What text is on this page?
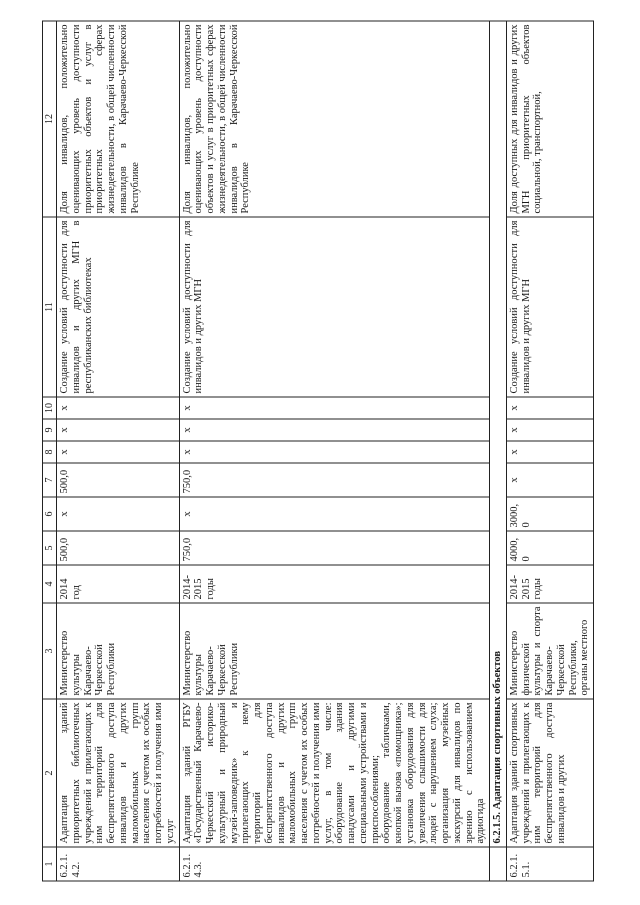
1	2	3	4	5	6	7	8	9	10	11	12
6.2.1.4.2.	Адаптация зданий приоритетных библиотечных учреждений и прилегающих к ним территорий для беспрепятственного доступа инвалидов и других маломобильных групп населения с учетом их особых потребностей и получения ими услуг	Министерство культуры Карачаево-Черкесской Республики	2014 год	500,0	x	500,0	x	x	x	Создание условий доступности для инвалидов и других МГН в республиканских библиотеках	Доля инвалидов, положительно оценивающих уровень доступности приоритетных объектов и услуг в приоритетных сферах жизнедеятельности, в общей численности инвалидов в Карачаево-Черкесской Республике
6.2.1.4.3.	Адаптация зданий РГБУ «Государственный Карачаево-Черкесский историко-культурный и природный музей-заповедник» и прилегающих к нему территорий для беспрепятственного доступа инвалидов и других маломобильных групп населения с учетом их особых потребностей и получения ими услуг, в том числе: оборудование здания пандусами и другими специальными устройствами и приспособлениями; оборудование табличками, кнопкой вызова «помощника»; установка оборудования для увеличения слышимости для людей с нарушением слуха; организация музейных экскурсий для инвалидов по зрению с использованием аудиогида	Министерство культуры Карачаево-Черкесской Республики	2014-2015 годы	750,0	x	750,0	x	x	x	Создание условий доступности для инвалидов и других МГН	Доля инвалидов, положительно оценивающих уровень доступности объектов и услуг в приоритетных сферах жизнедеятельности, в общей численности инвалидов в Карачаево-Черкесской Республике
	6.2.1.5. Адаптация спортивных объектов										
6.2.1.5.1.	Адаптация зданий спортивных учреждений и прилегающих к ним территорий для беспрепятственного доступа инвалидов и других	Министерство физической культуры и спорта Карачаево-Черкесской Республики, органы местного	2014-2015 годы	4000,0	3000,0	x	x	x	x	Создание условий доступности для инвалидов и других МГН	Доля доступных для инвалидов и других МГН приоритетных объектов социальной, транспортной,
